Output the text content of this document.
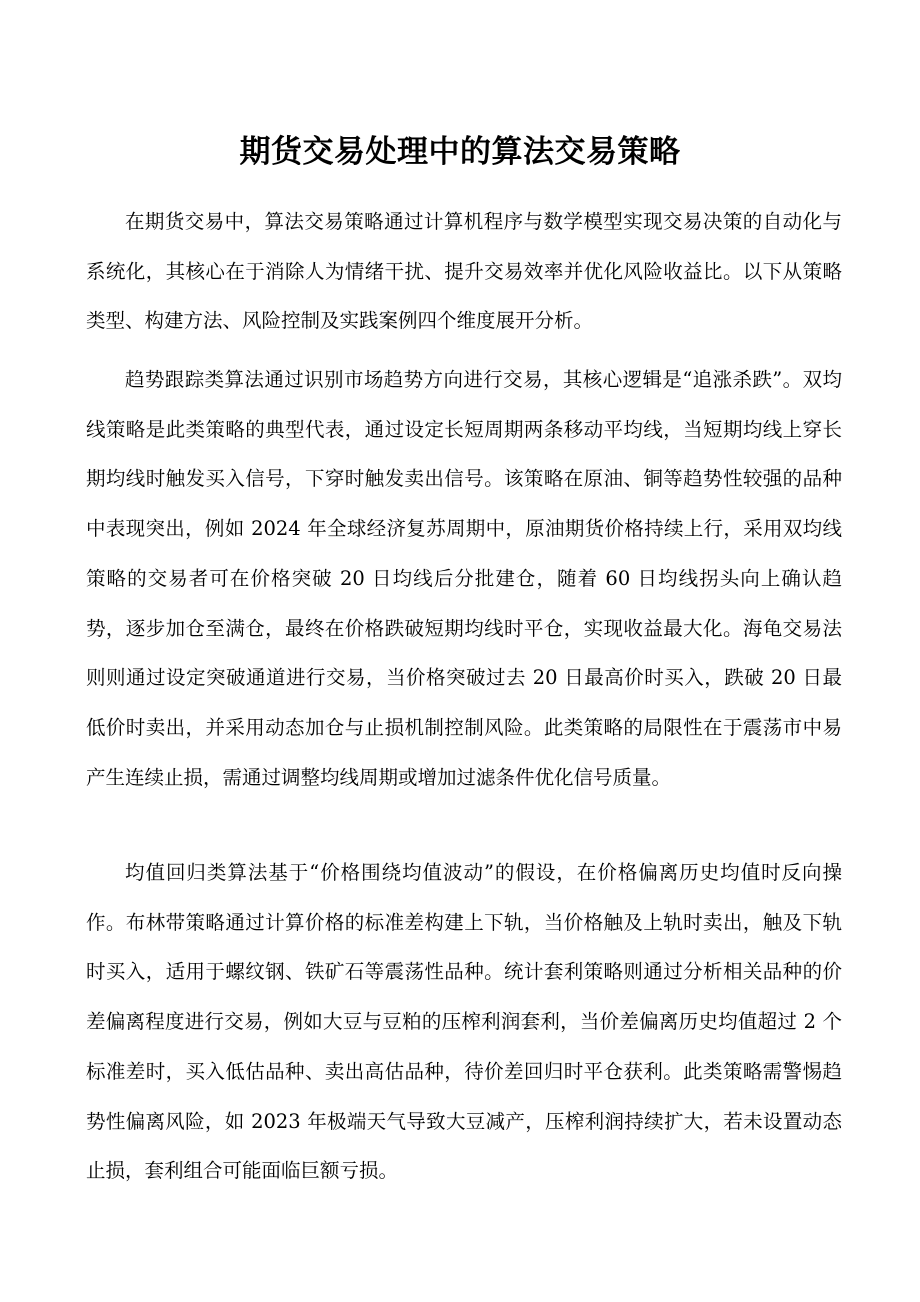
期货交易处理中的算法交易策略

在期货交易中，算法交易策略通过计算机程序与数学模型实现交易决策的自动化与系统化，其核心在于消除人为情绪干扰、提升交易效率并优化风险收益比。以下从策略类型、构建方法、风险控制及实践案例四个维度展开分析。

趋势跟踪类算法通过识别市场趋势方向进行交易，其核心逻辑是“追涨杀跌”。双均线策略是此类策略的典型代表，通过设定长短周期两条移动平均线，当短期均线上穿长期均线时触发买入信号，下穿时触发卖出信号。该策略在原油、铜等趋势性较强的品种中表现突出，例如 2024 年全球经济复苏周期中，原油期货价格持续上行，采用双均线策略的交易者可在价格突破 20 日均线后分批建仓，随着 60 日均线拐头向上确认趋势，逐步加仓至满仓，最终在价格跌破短期均线时平仓，实现收益最大化。海龟交易法则则通过设定突破通道进行交易，当价格突破过去 20 日最高价时买入，跌破 20 日最低价时卖出，并采用动态加仓与止损机制控制风险。此类策略的局限性在于震荡市中易产生连续止损，需通过调整均线周期或增加过滤条件优化信号质量。

均值回归类算法基于“价格围绕均值波动”的假设，在价格偏离历史均值时反向操作。布林带策略通过计算价格的标准差构建上下轨，当价格触及上轨时卖出，触及下轨时买入，适用于螺纹钢、铁矿石等震荡性品种。统计套利策略则通过分析相关品种的价差偏离程度进行交易，例如大豆与豆粕的压榨利润套利，当价差偏离历史均值超过 2 个标准差时，买入低估品种、卖出高估品种，待价差回归时平仓获利。此类策略需警惕趋势性偏离风险，如 2023 年极端天气导致大豆减产，压榨利润持续扩大，若未设置动态止损，套利组合可能面临巨额亏损。
